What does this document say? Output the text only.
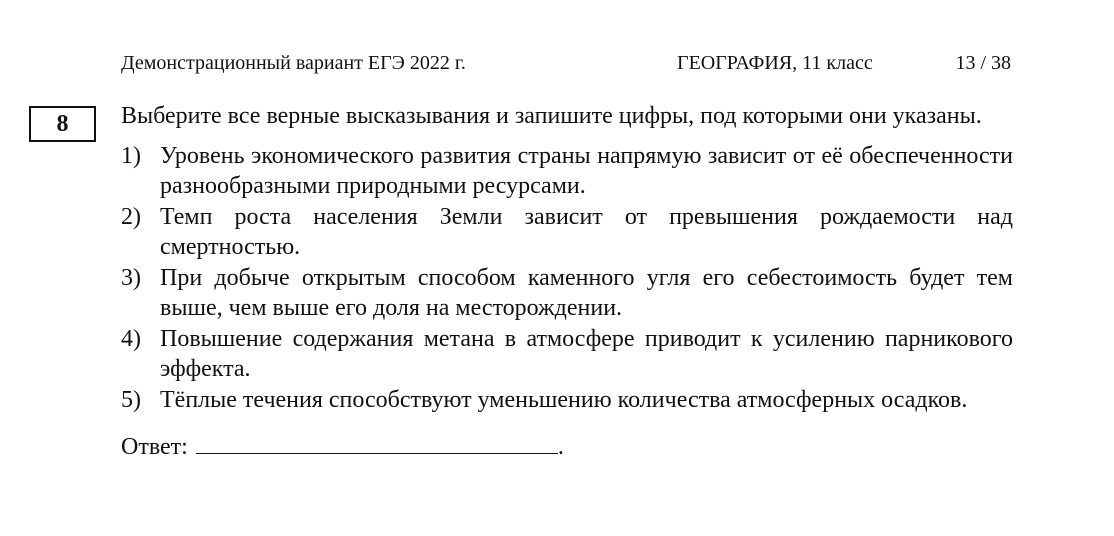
Демонстрационный вариант ЕГЭ 2022 г.	ГЕОГРАФИЯ, 11 класс	13 / 38
8	Выберите все верные высказывания и запишите цифры, под которыми они указаны.

1) Уровень экономического развития страны напрямую зависит от её обеспеченности разнообразными природными ресурсами.
2) Темп роста населения Земли зависит от превышения рождаемости над смертностью.
3) При добыче открытым способом каменного угля его себестоимость будет тем выше, чем выше его доля на месторождении.
4) Повышение содержания метана в атмосфере приводит к усилению парникового эффекта.
5) Тёплые течения способствуют уменьшению количества атмосферных осадков.
Ответ:	.
